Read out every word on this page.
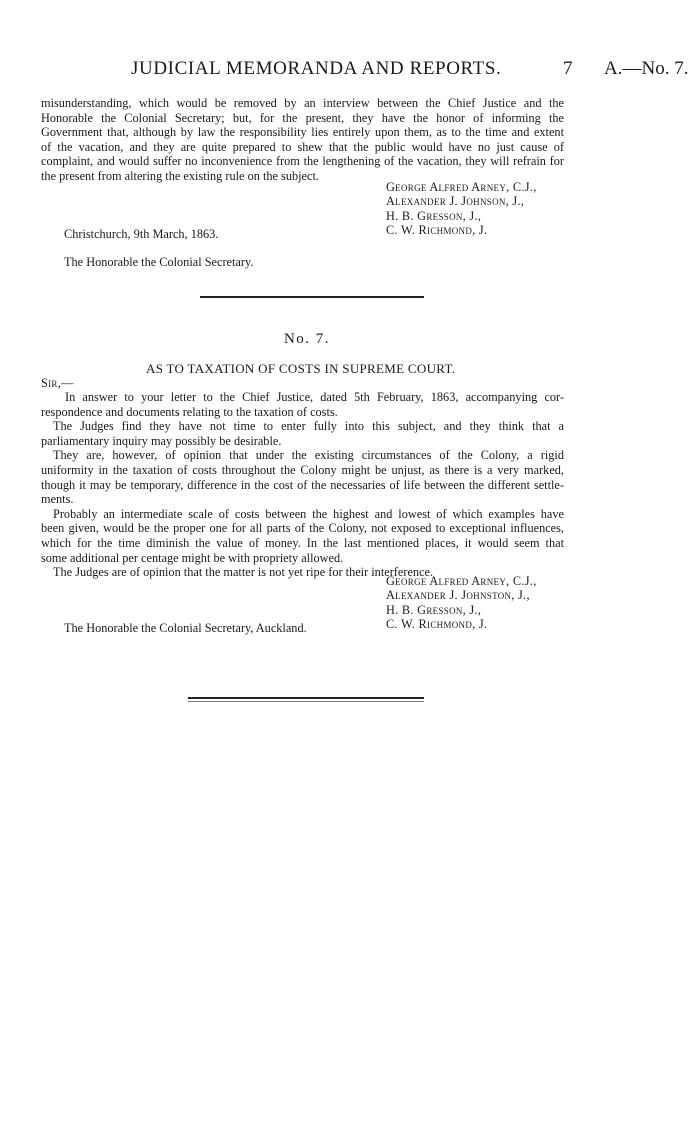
JUDICIAL MEMORANDA AND REPORTS.	7 A.—No. 7.
misunderstanding, which would be removed by an interview between the Chief Justice and the
Honorable the Colonial Secretary; but, for the present, they have the honor of informing the
Government that, although by law the responsibility lies entirely upon them, as to the time and extent
of the vacation, and they are quite prepared to shew that the public would have no just cause of
complaint, and would suffer no inconvenience from the lengthening of the vacation, they will refrain for
the present from altering the existing rule on the subject.
George Alfred Arney, C.J.,
Alexander J. Johnson, J.,
H. B. Gresson, J.,
C. W. Richmond, J.
Christchurch, 9th March, 1863.
The Honorable the Colonial Secretary.
No. 7.
AS TO TAXATION OF COSTS IN SUPREME COURT.
Sir,—
In answer to your letter to the Chief Justice, dated 5th February, 1863, accompanying cor-
respondence and documents relating to the taxation of costs.
The Judges find they have not time to enter fully into this subject, and they think that a
parliamentary inquiry may possibly be desirable.
They are, however, of opinion that under the existing circumstances of the Colony, a rigid
uniformity in the taxation of costs throughout the Colony might be unjust, as there is a very marked,
though it may be temporary, difference in the cost of the necessaries of life between the different settle-
ments.
Probably an intermediate scale of costs between the highest and lowest of which examples have
been given, would be the proper one for all parts of the Colony, not exposed to exceptional influences,
which for the time diminish the value of money. In the last mentioned places, it would seem that
some additional per centage might be with propriety allowed.
The Judges are of opinion that the matter is not yet ripe for their interference.
George Alfred Arney, C.J.,
Alexander J. Johnston, J.,
H. B. Gresson, J.,
C. W. Richmond, J.
The Honorable the Colonial Secretary, Auckland.
